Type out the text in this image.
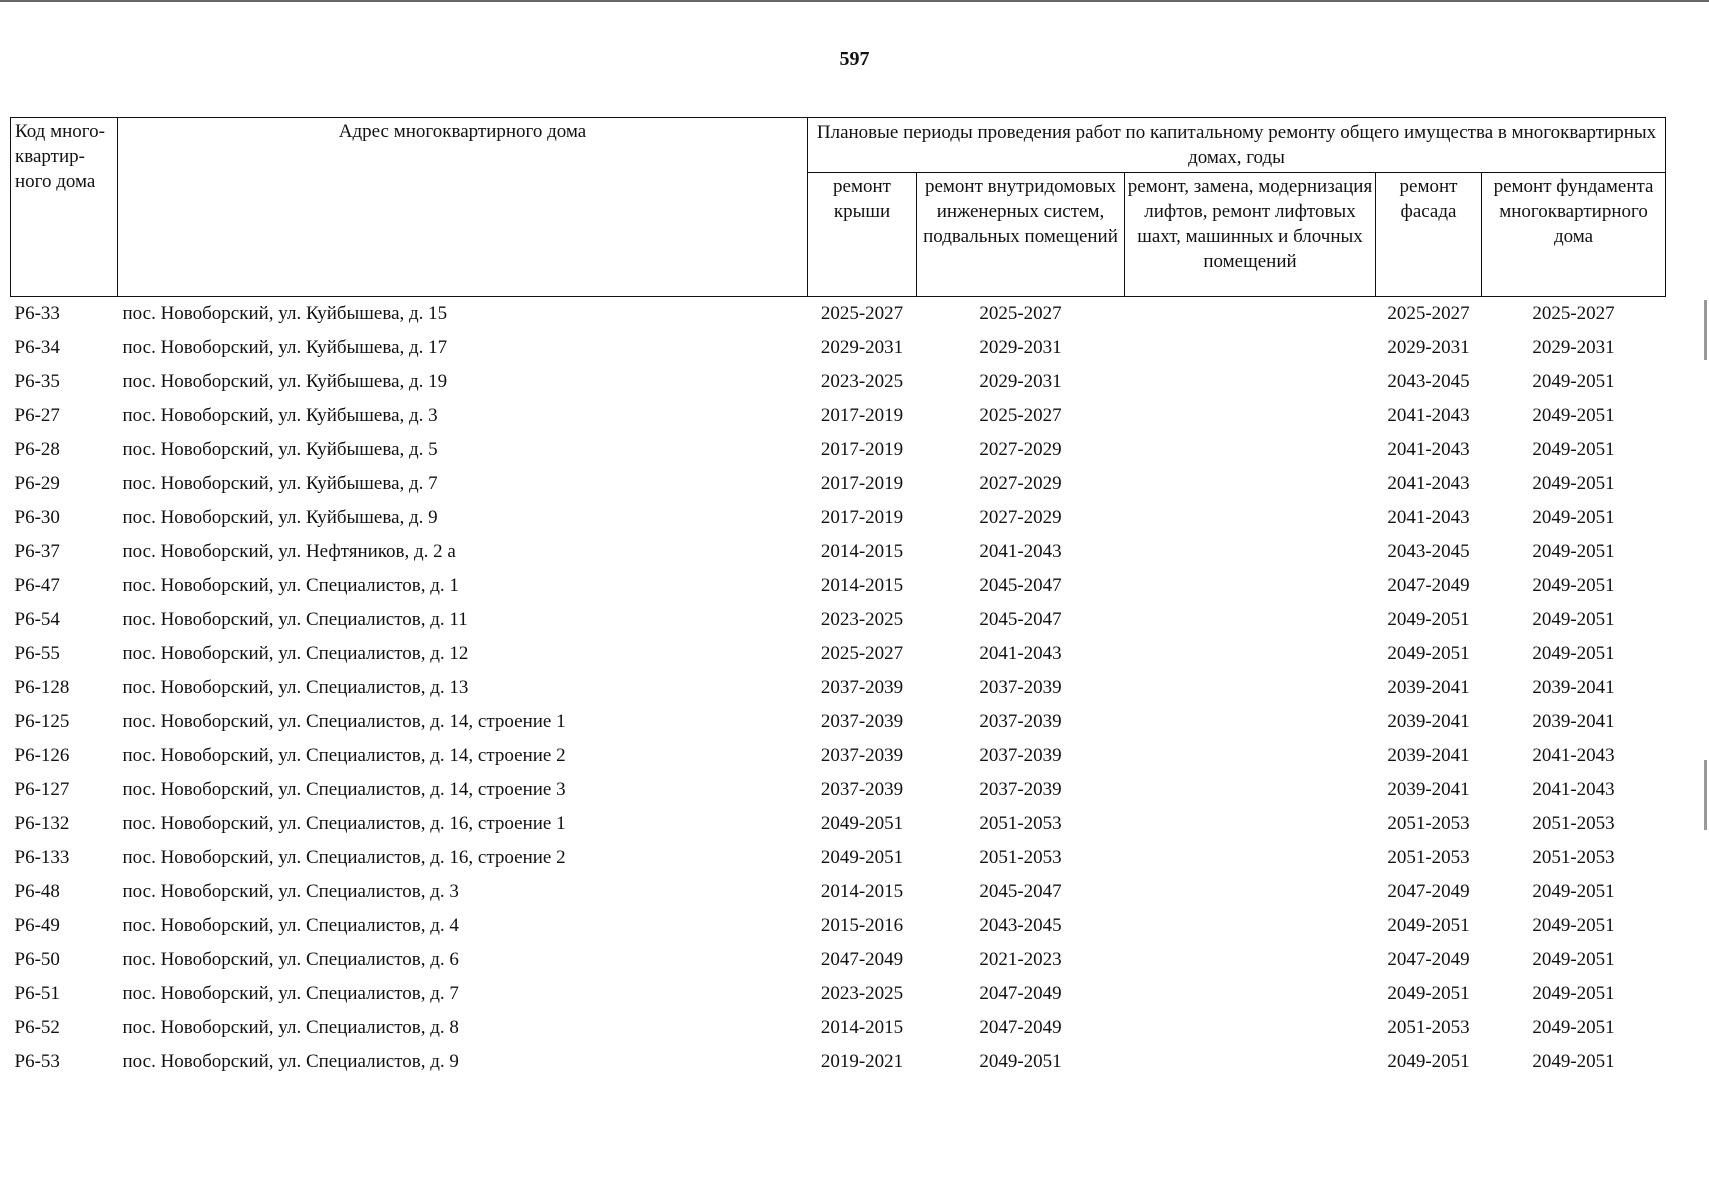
597
Код много-квартир-ного дома	Адрес многоквартирного дома	Плановые периоды проведения работ по капитальному ремонту общего имущества в многоквартирных домах, годы				
		ремонт крыши	ремонт внутридомовых инженерных систем, подвальных помещений	ремонт, замена, модернизация лифтов, ремонт лифтовых шахт, машинных и блочных помещений	ремонт фасада	ремонт фундамента многоквартирного дома
Р6-33	пос. Новоборский, ул. Куйбышева, д. 15	2025-2027	2025-2027		2025-2027	2025-2027
Р6-34	пос. Новоборский, ул. Куйбышева, д. 17	2029-2031	2029-2031		2029-2031	2029-2031
Р6-35	пос. Новоборский, ул. Куйбышева, д. 19	2023-2025	2029-2031		2043-2045	2049-2051
Р6-27	пос. Новоборский, ул. Куйбышева, д. 3	2017-2019	2025-2027		2041-2043	2049-2051
Р6-28	пос. Новоборский, ул. Куйбышева, д. 5	2017-2019	2027-2029		2041-2043	2049-2051
Р6-29	пос. Новоборский, ул. Куйбышева, д. 7	2017-2019	2027-2029		2041-2043	2049-2051
Р6-30	пос. Новоборский, ул. Куйбышева, д. 9	2017-2019	2027-2029		2041-2043	2049-2051
Р6-37	пос. Новоборский, ул. Нефтяников, д. 2 а	2014-2015	2041-2043		2043-2045	2049-2051
Р6-47	пос. Новоборский, ул. Специалистов, д. 1	2014-2015	2045-2047		2047-2049	2049-2051
Р6-54	пос. Новоборский, ул. Специалистов, д. 11	2023-2025	2045-2047		2049-2051	2049-2051
Р6-55	пос. Новоборский, ул. Специалистов, д. 12	2025-2027	2041-2043		2049-2051	2049-2051
Р6-128	пос. Новоборский, ул. Специалистов, д. 13	2037-2039	2037-2039		2039-2041	2039-2041
Р6-125	пос. Новоборский, ул. Специалистов, д. 14, строение 1	2037-2039	2037-2039		2039-2041	2039-2041
Р6-126	пос. Новоборский, ул. Специалистов, д. 14, строение 2	2037-2039	2037-2039		2039-2041	2041-2043
Р6-127	пос. Новоборский, ул. Специалистов, д. 14, строение 3	2037-2039	2037-2039		2039-2041	2041-2043
Р6-132	пос. Новоборский, ул. Специалистов, д. 16, строение 1	2049-2051	2051-2053		2051-2053	2051-2053
Р6-133	пос. Новоборский, ул. Специалистов, д. 16, строение 2	2049-2051	2051-2053		2051-2053	2051-2053
Р6-48	пос. Новоборский, ул. Специалистов, д. 3	2014-2015	2045-2047		2047-2049	2049-2051
Р6-49	пос. Новоборский, ул. Специалистов, д. 4	2015-2016	2043-2045		2049-2051	2049-2051
Р6-50	пос. Новоборский, ул. Специалистов, д. 6	2047-2049	2021-2023		2047-2049	2049-2051
Р6-51	пос. Новоборский, ул. Специалистов, д. 7	2023-2025	2047-2049		2049-2051	2049-2051
Р6-52	пос. Новоборский, ул. Специалистов, д. 8	2014-2015	2047-2049		2051-2053	2049-2051
Р6-53	пос. Новоборский, ул. Специалистов, д. 9	2019-2021	2049-2051		2049-2051	2049-2051
